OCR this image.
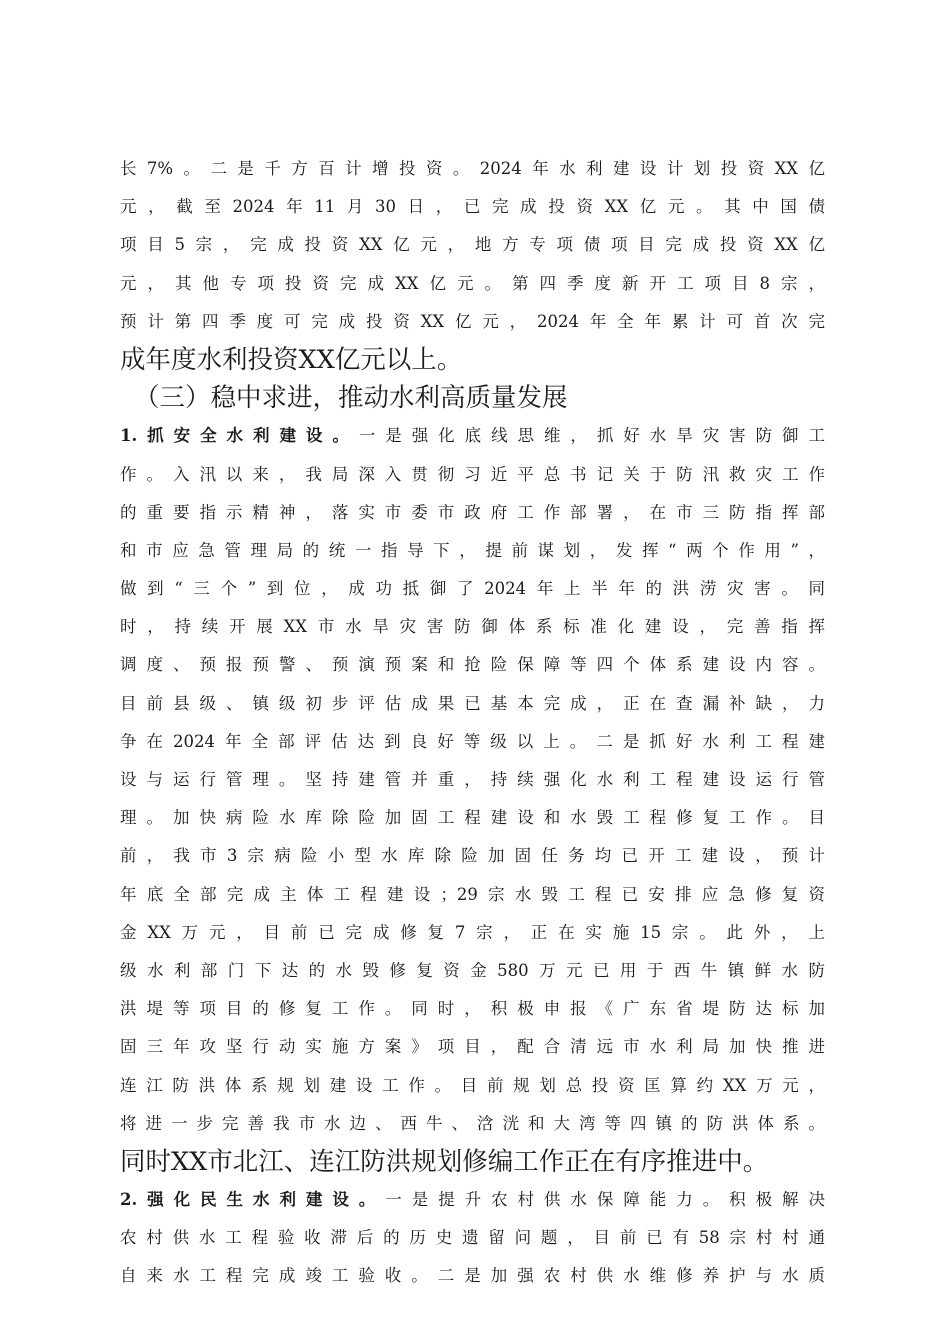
长7%。二是千方百计增投资。2024年水利建设计划投资XX亿
元，截至2024年11月30日，已完成投资XX亿元。其中国债
项目5宗，完成投资XX亿元，地方专项债项目完成投资XX亿
元，其他专项投资完成XX亿元。第四季度新开工项目8宗，
预计第四季度可完成投资XX亿元，2024年全年累计可首次完
成年度水利投资XX亿元以上。
（三）稳中求进，推动水利高质量发展
1.抓安全水利建设。一是强化底线思维，抓好水旱灾害防御工
作。入汛以来，我局深入贯彻习近平总书记关于防汛救灾工作
的重要指示精神，落实市委市政府工作部署，在市三防指挥部
和市应急管理局的统一指导下，提前谋划，发挥“两个作用”，
做到“三个”到位，成功抵御了2024年上半年的洪涝灾害。同
时，持续开展XX市水旱灾害防御体系标准化建设，完善指挥
调度、预报预警、预演预案和抢险保障等四个体系建设内容。
目前县级、镇级初步评估成果已基本完成，正在查漏补缺，力
争在2024年全部评估达到良好等级以上。二是抓好水利工程建
设与运行管理。坚持建管并重，持续强化水利工程建设运行管
理。加快病险水库除险加固工程建设和水毁工程修复工作。目
前，我市3宗病险小型水库除险加固任务均已开工建设，预计
年底全部完成主体工程建设；29宗水毁工程已安排应急修复资
金XX万元，目前已完成修复7宗，正在实施15宗。此外，上
级水利部门下达的水毁修复资金580万元已用于西牛镇鲜水防
洪堤等项目的修复工作。同时，积极申报《广东省堤防达标加
固三年攻坚行动实施方案》项目，配合清远市水利局加快推进
连江防洪体系规划建设工作。目前规划总投资匡算约XX万元，
将进一步完善我市水边、西牛、浛洸和大湾等四镇的防洪体系。
同时XX市北江、连江防洪规划修编工作正在有序推进中。
2.强化民生水利建设。一是提升农村供水保障能力。积极解决
农村供水工程验收滞后的历史遗留问题，目前已有58宗村村通
自来水工程完成竣工验收。二是加强农村供水维修养护与水质
